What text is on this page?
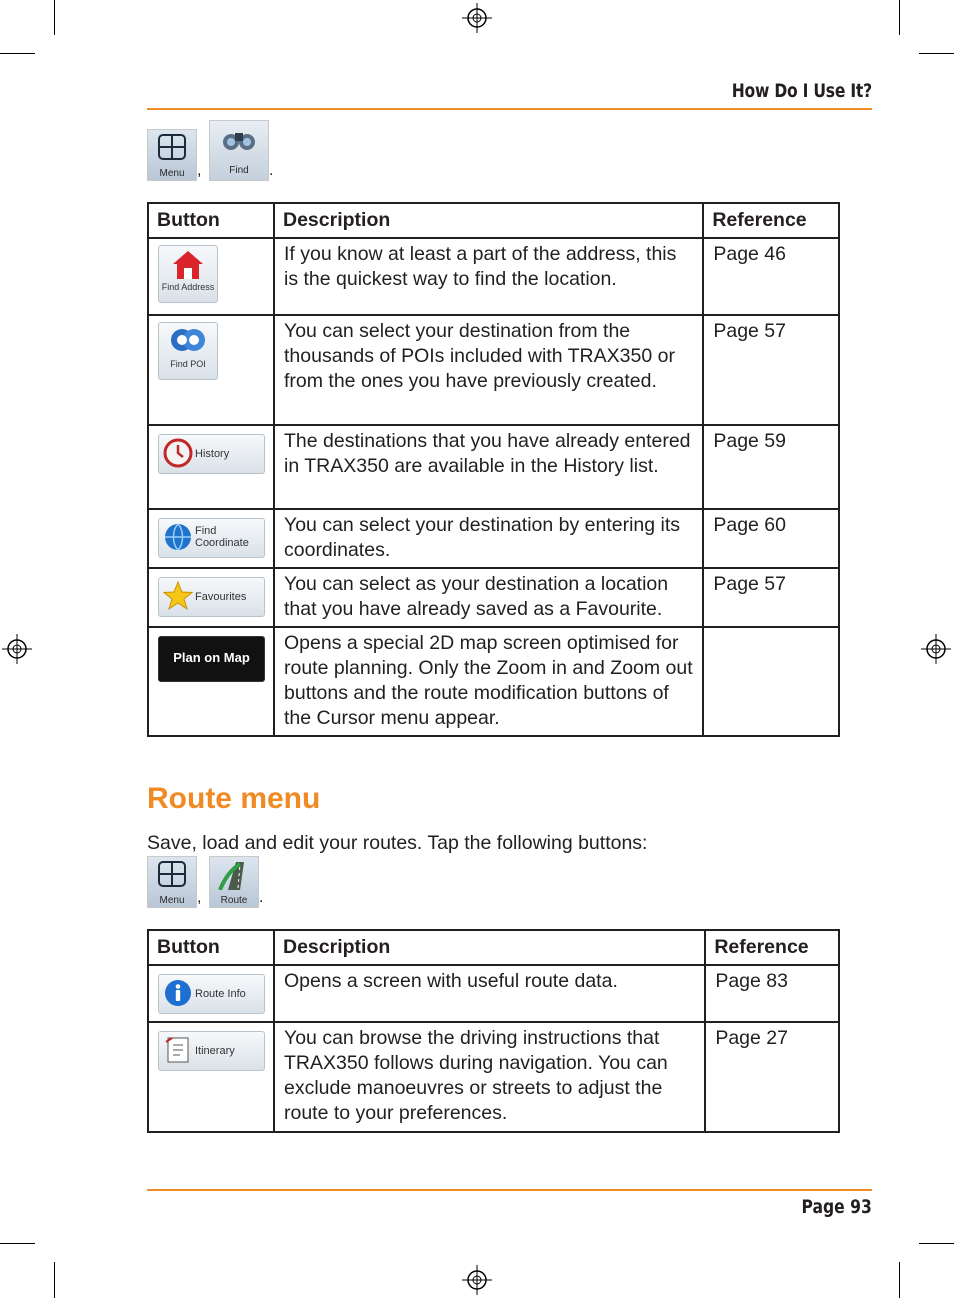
How Do I Use It?
Menu ,	Find	.
Button	Description	Reference

Find Address	If you know at least a part of the address, this is the quickest way to find the location.	Page 46

Find POI	You can select your destination from the thousands of POIs included with TRAX350 or from the ones you have previously created.	Page 57

History	The destinations that you have already entered in TRAX350 are available in the History list.	Page 59

Find Coordinate	You can select your destination by entering its coordinates.	Page 60

Favourites	You can select as your destination a location that you have already saved as a Favourite.	Page 57

Plan on Map	Opens a special 2D map screen optimised for route planning. Only the Zoom in and Zoom out buttons and the route modification buttons of the Cursor menu appear.	
Route menu
Save, load and edit your routes. Tap the following buttons:
Menu ,	Route .
Button	Description	Reference

Route Info	Opens a screen with useful route data.	Page 83

Itinerary	You can browse the driving instructions that TRAX350 follows during navigation. You can exclude manoeuvres or streets to adjust the route to your preferences.	Page 27
Page 93
